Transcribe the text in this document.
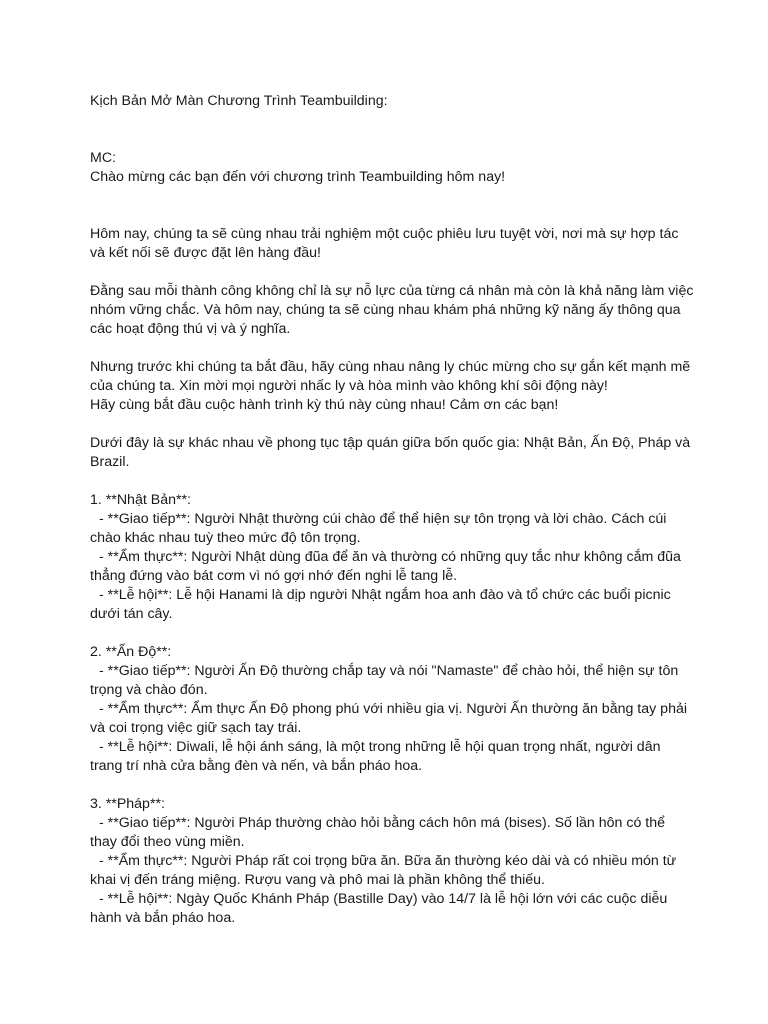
Kịch Bản Mở Màn Chương Trình Teambuilding:
MC:
Chào mừng các bạn đến với chương trình Teambuilding hôm nay!
Hôm nay, chúng ta sẽ cùng nhau trải nghiệm một cuộc phiêu lưu tuyệt vời, nơi mà sự hợp tác
và kết nối sẽ được đặt lên hàng đầu!
Đằng sau mỗi thành công không chỉ là sự nỗ lực của từng cá nhân mà còn là khả năng làm việc
nhóm vững chắc. Và hôm nay, chúng ta sẽ cùng nhau khám phá những kỹ năng ấy thông qua
các hoạt động thú vị và ý nghĩa.
Nhưng trước khi chúng ta bắt đầu, hãy cùng nhau nâng ly chúc mừng cho sự gắn kết mạnh mẽ
của chúng ta. Xin mời mọi người nhấc ly và hòa mình vào không khí sôi động này!
Hãy cùng bắt đầu cuộc hành trình kỳ thú này cùng nhau! Cảm ơn các bạn!
Dưới đây là sự khác nhau về phong tục tập quán giữa bốn quốc gia: Nhật Bản, Ấn Độ, Pháp và
Brazil.
1. **Nhật Bản**:
- **Giao tiếp**: Người Nhật thường cúi chào để thể hiện sự tôn trọng và lời chào. Cách cúi
chào khác nhau tuỳ theo mức độ tôn trọng.
- **Ẩm thực**: Người Nhật dùng đũa để ăn và thường có những quy tắc như không cắm đũa
thẳng đứng vào bát cơm vì nó gợi nhớ đến nghi lễ tang lễ.
- **Lễ hội**: Lễ hội Hanami là dịp người Nhật ngắm hoa anh đào và tổ chức các buổi picnic
dưới tán cây.
2. **Ấn Độ**:
- **Giao tiếp**: Người Ấn Độ thường chắp tay và nói "Namaste" để chào hỏi, thể hiện sự tôn
trọng và chào đón.
- **Ẩm thực**: Ẩm thực Ấn Độ phong phú với nhiều gia vị. Người Ấn thường ăn bằng tay phải
và coi trọng việc giữ sạch tay trái.
- **Lễ hội**: Diwali, lễ hội ánh sáng, là một trong những lễ hội quan trọng nhất, người dân
trang trí nhà cửa bằng đèn và nến, và bắn pháo hoa.
3. **Pháp**:
- **Giao tiếp**: Người Pháp thường chào hỏi bằng cách hôn má (bises). Số lần hôn có thể
thay đổi theo vùng miền.
- **Ẩm thực**: Người Pháp rất coi trọng bữa ăn. Bữa ăn thường kéo dài và có nhiều món từ
khai vị đến tráng miệng. Rượu vang và phô mai là phần không thể thiếu.
- **Lễ hội**: Ngày Quốc Khánh Pháp (Bastille Day) vào 14/7 là lễ hội lớn với các cuộc diễu
hành và bắn pháo hoa.
